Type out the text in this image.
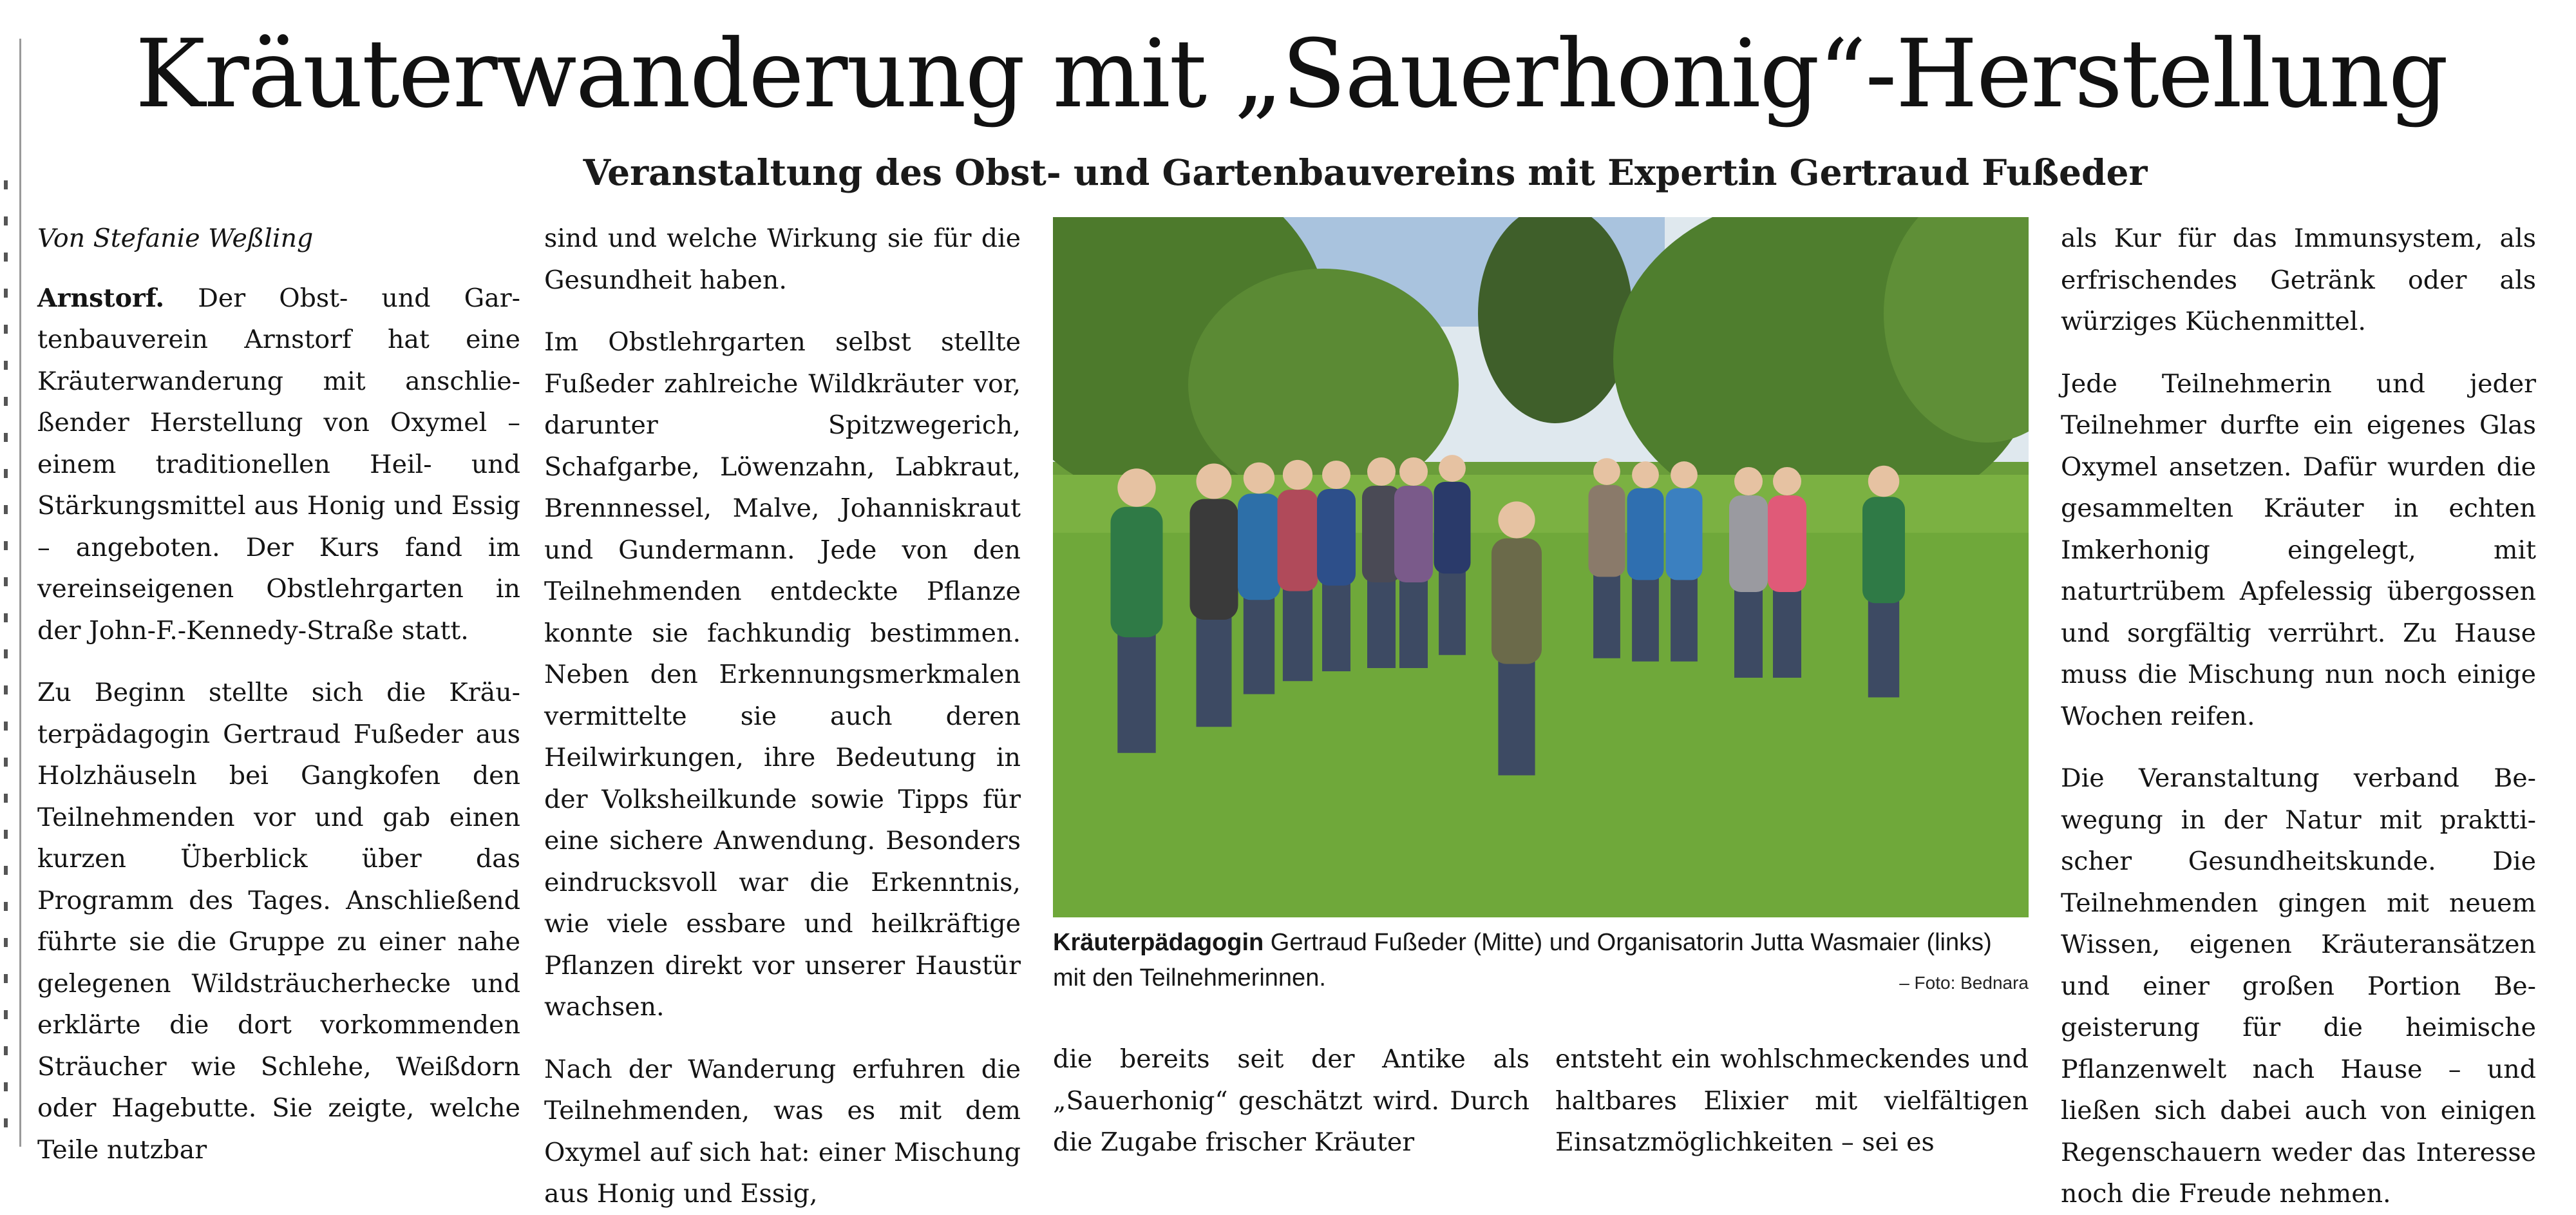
Kräuterwanderung mit „Sauerhonig“-Herstellung
Veranstaltung des Obst- und Gartenbauvereins mit Expertin Gertraud Fußeder

Von Stefanie Weßling

Arnstorf. Der Obst- und Gartenbauverein Arnstorf hat eine Kräuterwanderung mit anschließender Herstellung von Oxymel – einem traditionellen Heil- und Stärkungsmittel aus Honig und Essig – angeboten. Der Kurs fand im vereinseigenen Obstlehrgarten in der John-F.-Kennedy-Straße statt.

Zu Beginn stellte sich die Kräuterpädagogin Gertraud Fußeder aus Holzhäuseln bei Gangkofen den Teilnehmenden vor und gab einen kurzen Überblick über das Programm des Tages. Anschließend führte sie die Gruppe zu einer nahe gelegenen Wildsträucherhecke und erklärte die dort vorkommenden Sträucher wie Schlehe, Weißdorn oder Hagebutte. Sie zeigte, welche Teile nutzbar

sind und welche Wirkung sie für die Gesundheit haben.

Im Obstlehrgarten selbst stellte Fußeder zahlreiche Wildkräuter vor, darunter Spitzwegerich, Schafgarbe, Löwenzahn, Labkraut, Brennnessel, Malve, Johanniskraut und Gundermann. Jede von den Teilnehmenden entdeckte Pflanze konnte sie fachkundig bestimmen. Neben den Erkennungsmerkmalen vermittelte sie auch deren Heilwirkungen, ihre Bedeutung in der Volksheilkunde sowie Tipps für eine sichere Anwendung. Besonders eindrucksvoll war die Erkenntnis, wie viele essbare und heilkräftige Pflanzen direkt vor unserer Haustür wachsen.

Nach der Wanderung erfuhren die Teilnehmenden, was es mit dem Oxymel auf sich hat: einer Mischung aus Honig und Essig,

Kräuterpädagogin Gertraud Fußeder (Mitte) und Organisatorin Jutta Wasmaier (links) mit den Teilnehmerinnen.	– Foto: Bednara

die bereits seit der Antike als „Sauerhonig“ geschätzt wird. Durch die Zugabe frischer Kräuter

entsteht ein wohlschmeckendes und haltbares Elixier mit vielfältigen Einsatzmöglichkeiten – sei es

als Kur für das Immunsystem, als erfrischendes Getränk oder als würziges Küchenmittel.

Jede Teilnehmerin und jeder Teilnehmer durfte ein eigenes Glas Oxymel ansetzen. Dafür wurden die gesammelten Kräuter in echten Imkerhonig eingelegt, mit naturtrübem Apfelessig übergossen und sorgfältig verrührt. Zu Hause muss die Mischung nun noch einige Wochen reifen.

Die Veranstaltung verband Bewegung in der Natur mit prakttischer Gesundheitskunde. Die Teilnehmenden gingen mit neuem Wissen, eigenen Kräuteransätzen und einer großen Portion Begeisterung für die heimische Pflanzenwelt nach Hause – und ließen sich dabei auch von einigen Regenschauern weder das Interesse noch die Freude nehmen.
